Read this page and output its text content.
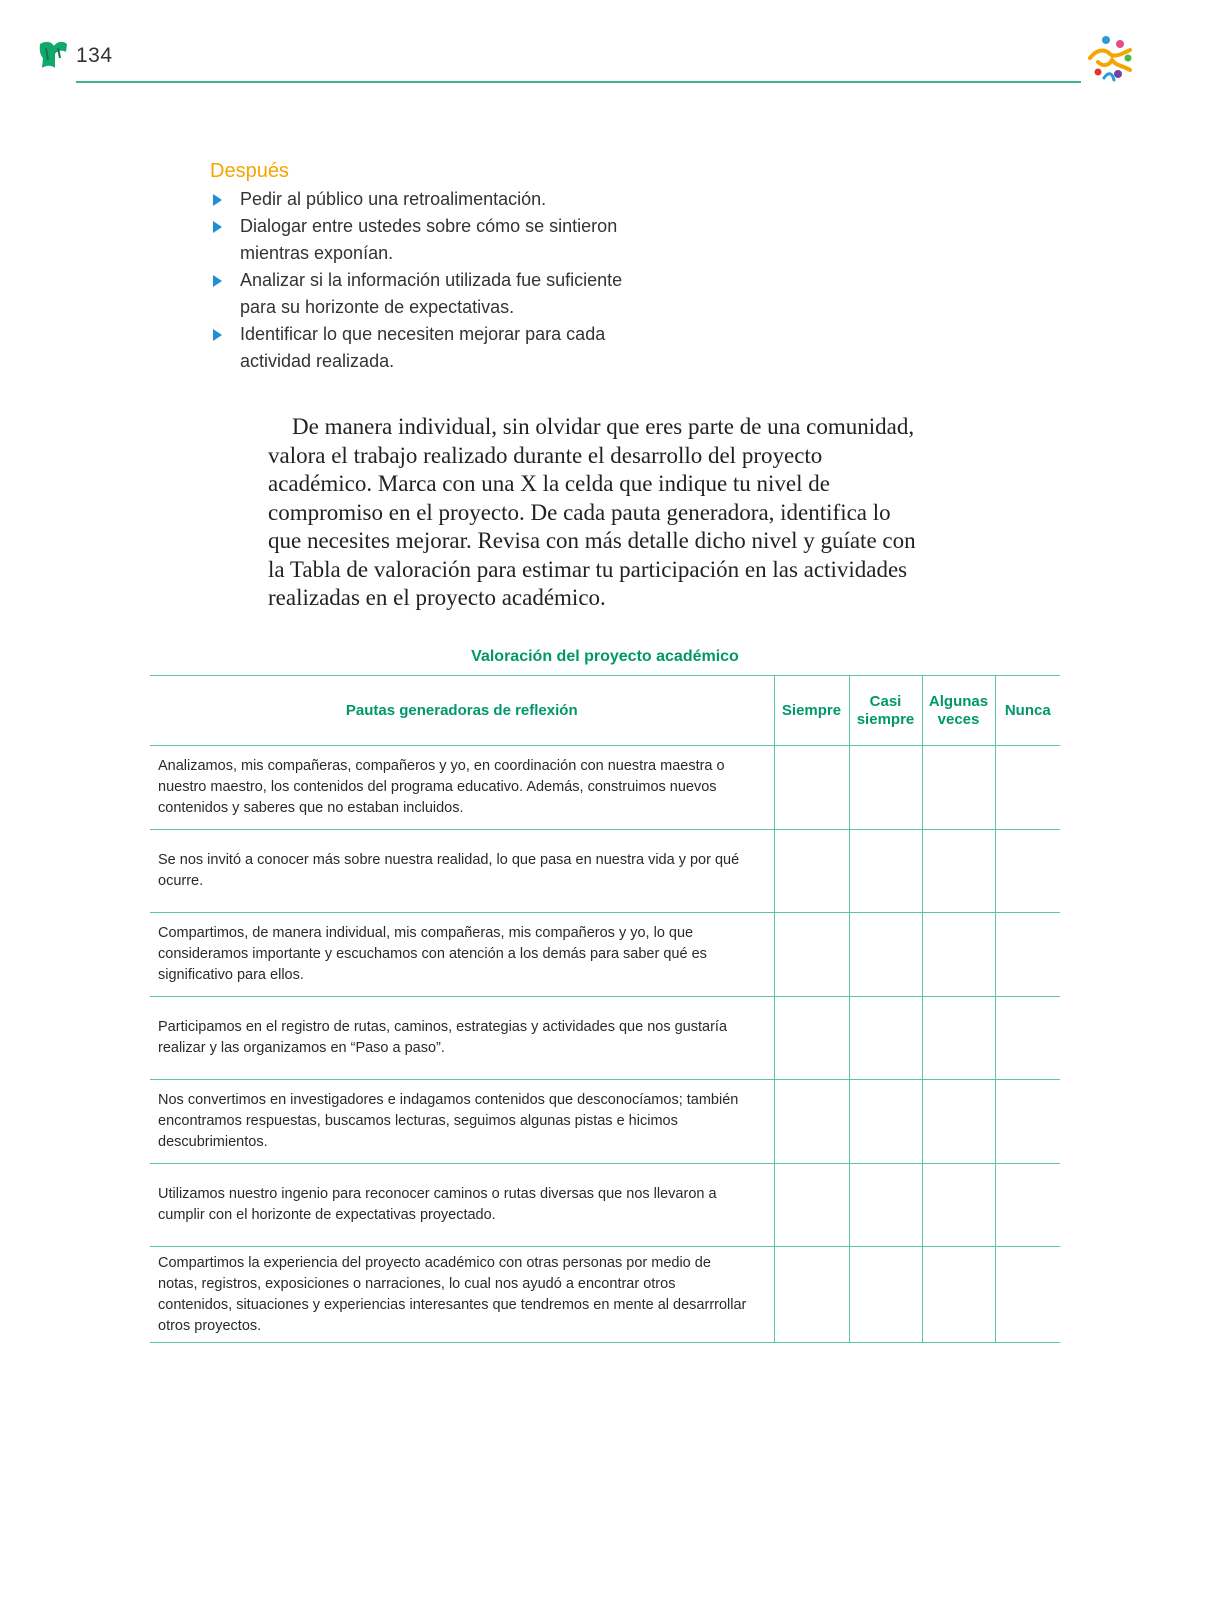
134
Después
Pedir al público una retroalimentación.
Dialogar entre ustedes sobre cómo se sintieron mientras exponían.
Analizar si la información utilizada fue suficiente para su horizonte de expectativas.
Identificar lo que necesiten mejorar para cada actividad realizada.

De manera individual, sin olvidar que eres parte de una comunidad, valora el trabajo realizado durante el desarrollo del proyecto académico. Marca con una X la celda que indique tu nivel de compromiso en el proyecto. De cada pauta generadora, identifica lo que necesites mejorar. Revisa con más detalle dicho nivel y guíate con la Tabla de valoración para estimar tu participación en las actividades realizadas en el proyecto académico.

Valoración del proyecto académico
Pautas generadoras de reflexión	Siempre	Casi siempre	Algunas veces	Nunca
Analizamos, mis compañeras, compañeros y yo, en coordinación con nuestra maestra o nuestro maestro, los contenidos del programa educativo. Además, construimos nuevos contenidos y saberes que no estaban incluidos.				
Se nos invitó a conocer más sobre nuestra realidad, lo que pasa en nuestra vida y por qué ocurre.				
Compartimos, de manera individual, mis compañeras, mis compañeros y yo, lo que consideramos importante y escuchamos con atención a los demás para saber qué es significativo para ellos.				
Participamos en el registro de rutas, caminos, estrategias y actividades que nos gustaría realizar y las organizamos en “Paso a paso”.				
Nos convertimos en investigadores e indagamos contenidos que desconocíamos; también encontramos respuestas, buscamos lecturas, seguimos algunas pistas e hicimos descubrimientos.				
Utilizamos nuestro ingenio para reconocer caminos o rutas diversas que nos llevaron a cumplir con el horizonte de expectativas proyectado.				
Compartimos la experiencia del proyecto académico con otras personas por medio de notas, registros, exposiciones o narraciones, lo cual nos ayudó a encontrar otros contenidos, situaciones y experiencias interesantes que tendremos en mente al desarrrollar otros proyectos.				
